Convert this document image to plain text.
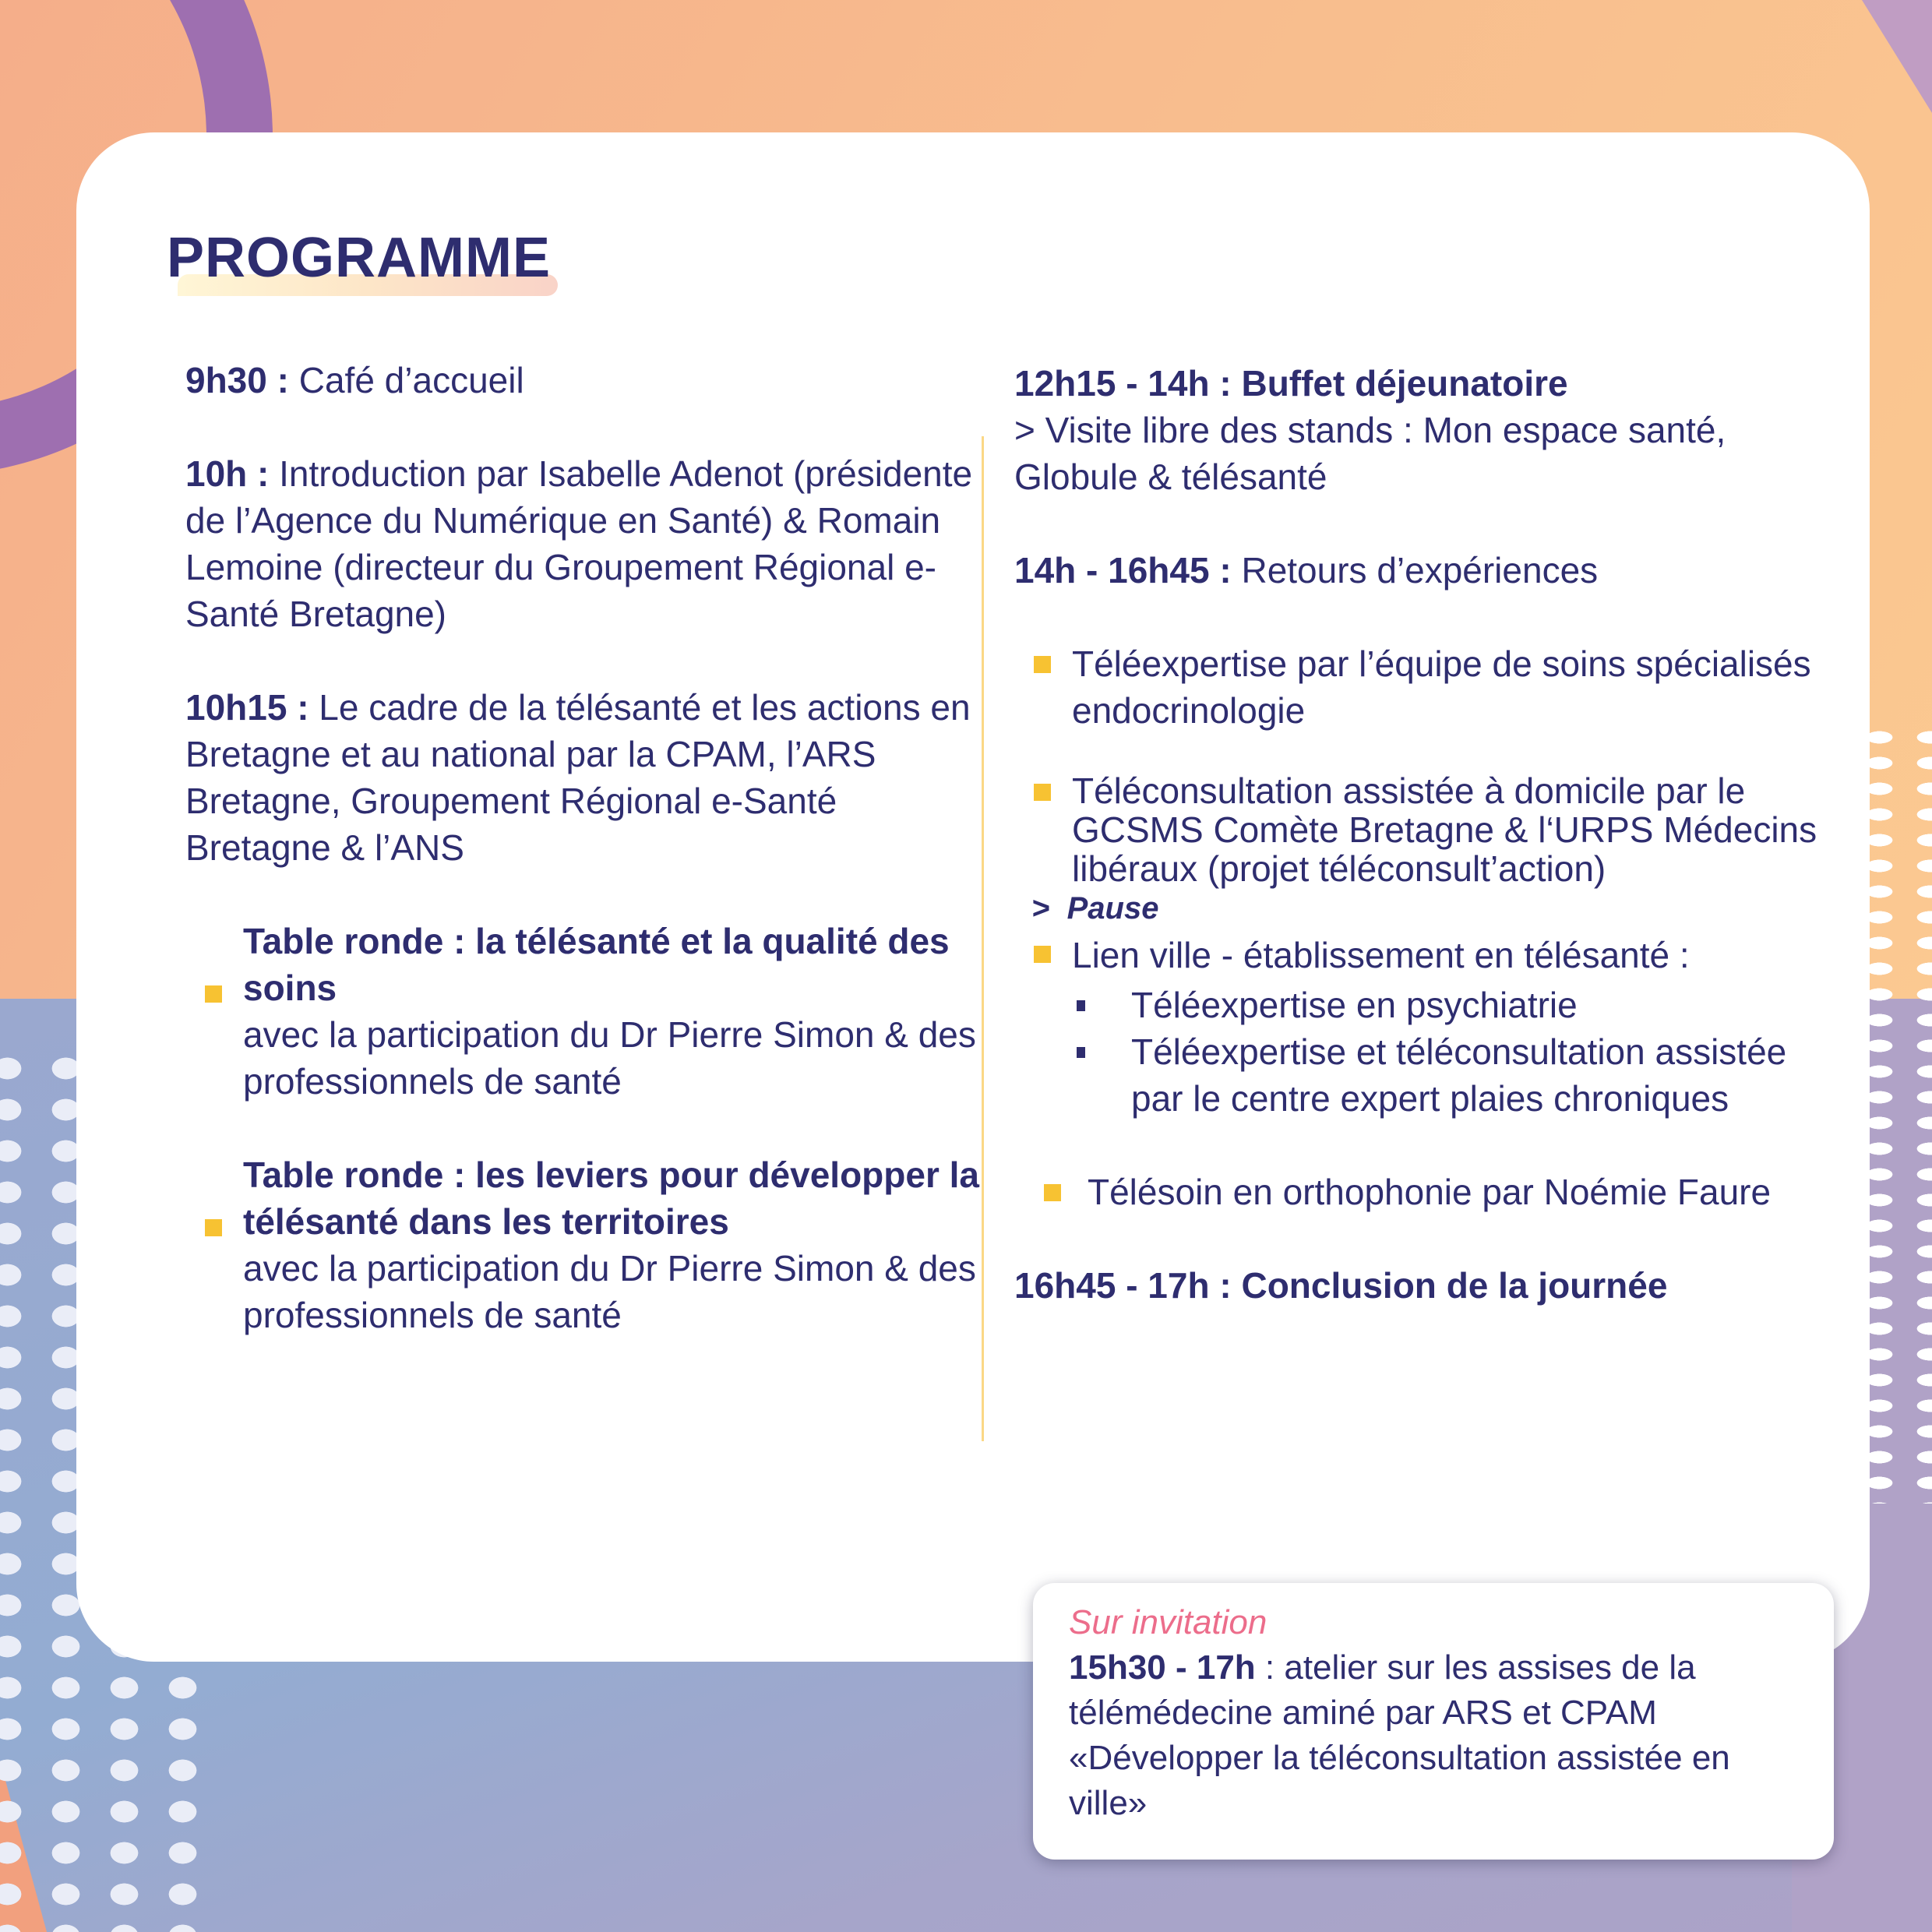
PROGRAMME

9h30 : Café d’accueil

10h : Introduction par Isabelle Adenot (présidente de l’Agence du Numérique en Santé) & Romain Lemoine (directeur du Groupement Régional e-Santé Bretagne)

10h15 : Le cadre de la télésanté et les actions en Bretagne et au national par la CPAM, l’ARS Bretagne, Groupement Régional e-Santé Bretagne & l’ANS

Table ronde : la télésanté et la qualité des soins
avec la participation du Dr Pierre Simon & des professionnels de santé
Table ronde : les leviers pour développer la télésanté dans les territoires
avec la participation du Dr Pierre Simon & des professionnels de santé
12h15 - 14h : Buffet déjeunatoire
> Visite libre des stands : Mon espace santé, Globule & télésanté
14h - 16h45 : Retours d’expériences
Téléexpertise par l’équipe de soins spécialisés endocrinologie
Téléconsultation assistée à domicile par le GCSMS Comète Bretagne & l‘URPS Médecins libéraux (projet téléconsult’action)
> Pause
Lien ville - établissement en télésanté :
Téléexpertise en psychiatrie
Téléexpertise et téléconsultation assistée par le centre expert plaies chroniques
Télésoin en orthophonie par Noémie Faure
16h45 - 17h : Conclusion de la journée
Sur invitation
15h30 - 17h : atelier sur les assises de la télémédecine aminé par ARS et CPAM «Développer la téléconsultation assistée en ville»
